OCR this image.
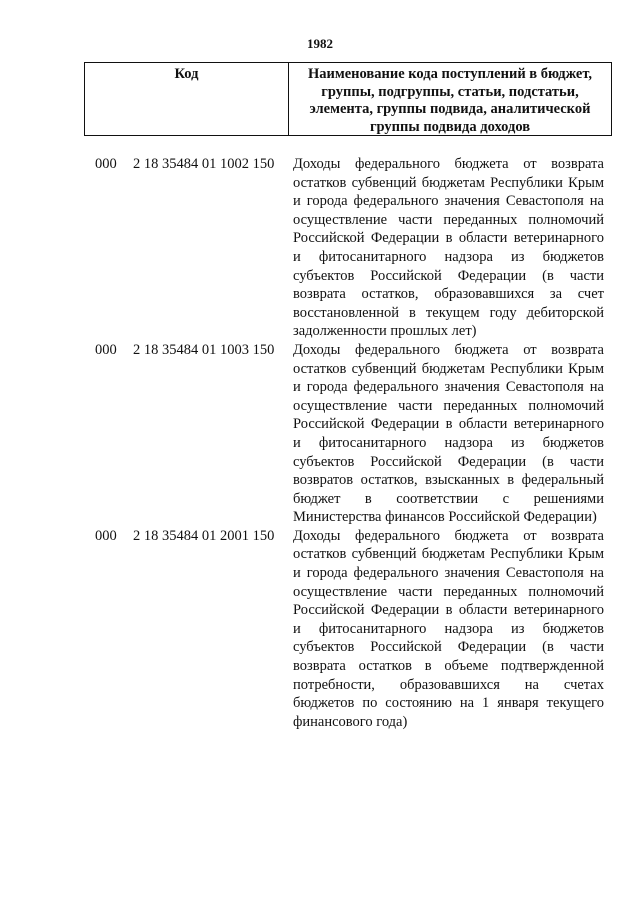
1982
Код	Наименование кода поступлений в бюджет, группы, подгруппы, статьи, подстатьи, элемента, группы подвида, аналитической группы подвида доходов
000	2 18 35484 01 1002 150	Доходы федерального бюджета от возврата остатков субвенций бюджетам Республики Крым и города федерального значения Севастополя на осуществление части переданных полномочий Российской Федерации в области ветеринарного и фитосанитарного надзора из бюджетов субъектов Российской Федерации (в части возврата остатков, образовавшихся за счет восстановленной в текущем году дебиторской задолженности прошлых лет)
000	2 18 35484 01 1003 150	Доходы федерального бюджета от возврата остатков субвенций бюджетам Республики Крым и города федерального значения Севастополя на осуществление части переданных полномочий Российской Федерации в области ветеринарного и фитосанитарного надзора из бюджетов субъектов Российской Федерации (в части возвратов остатков, взысканных в федеральный бюджет в соответствии с решениями Министерства финансов Российской Федерации)
000	2 18 35484 01 2001 150	Доходы федерального бюджета от возврата остатков субвенций бюджетам Республики Крым и города федерального значения Севастополя на осуществление части переданных полномочий Российской Федерации в области ветеринарного и фитосанитарного надзора из бюджетов субъектов Российской Федерации (в части возврата остатков в объеме подтвержденной потребности, образовавшихся на счетах бюджетов по состоянию на 1 января текущего финансового года)
